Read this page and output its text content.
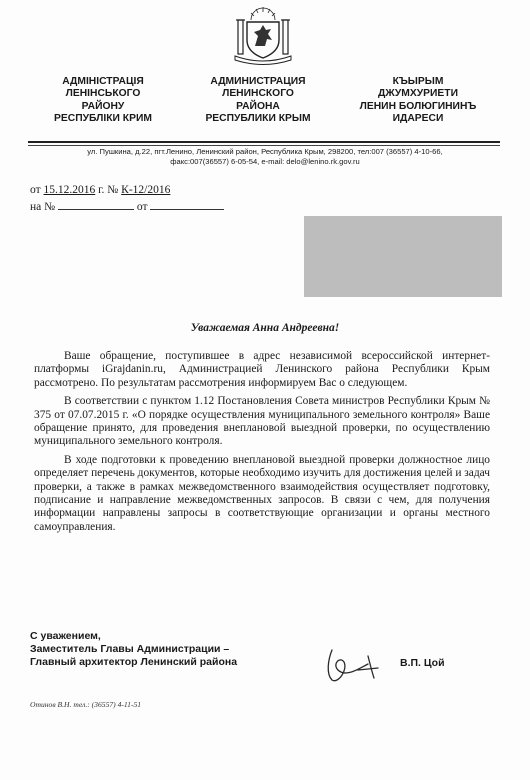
АДМІНІСТРАЦІЯ
ЛЕНІНСЬКОГО
РАЙОНУ
РЕСПУБЛІКИ КРИМ
АДМИНИСТРАЦИЯ
ЛЕНИНСКОГО
РАЙОНА
РЕСПУБЛИКИ КРЫМ
КЪЫРЫМ
ДЖУМХУРИЕТИ
ЛЕНИН БОЛЮГИНИНЪ
ИДАРЕСИ
ул. Пушкина, д.22, пгт.Ленино, Ленинский район, Республика Крым, 298200, тел:007 (36557) 4-10-66,
факс:007(36557) 6-05-54, e-mail: delo@lenino.rk.gov.ru
от 15.12.2016 г. № К-12/2016
на №	от
Уважаемая Анна Андреевна!

Ваше обращение, поступившее в адрес независимой всероссийской интернет-платформы iGrajdanin.ru, Администрацией Ленинского района Республики Крым рассмотрено. По результатам рассмотрения информируем Вас о следующем.

В соответствии с пунктом 1.12 Постановления Совета министров Республики Крым № 375 от 07.07.2015 г. «О порядке осуществления муниципального земельного контроля» Ваше обращение принято, для проведения внеплановой выездной проверки, по осуществлению муниципального земельного контроля.

В ходе подготовки к проведению внеплановой выездной проверки должностное лицо определяет перечень документов, которые необходимо изучить для достижения целей и задач проверки, а также в рамках межведомственного взаимодействия осуществляет подготовку, подписание и направление межведомственных запросов. В связи с чем, для получения информации направлены запросы в соответствующие организации и органы местного самоуправления.

С уважением,
Заместитель Главы Администрации –
Главный архитектор Ленинский района	В.П. Цой
Отинов В.Н. тел.: (36557) 4-11-51
